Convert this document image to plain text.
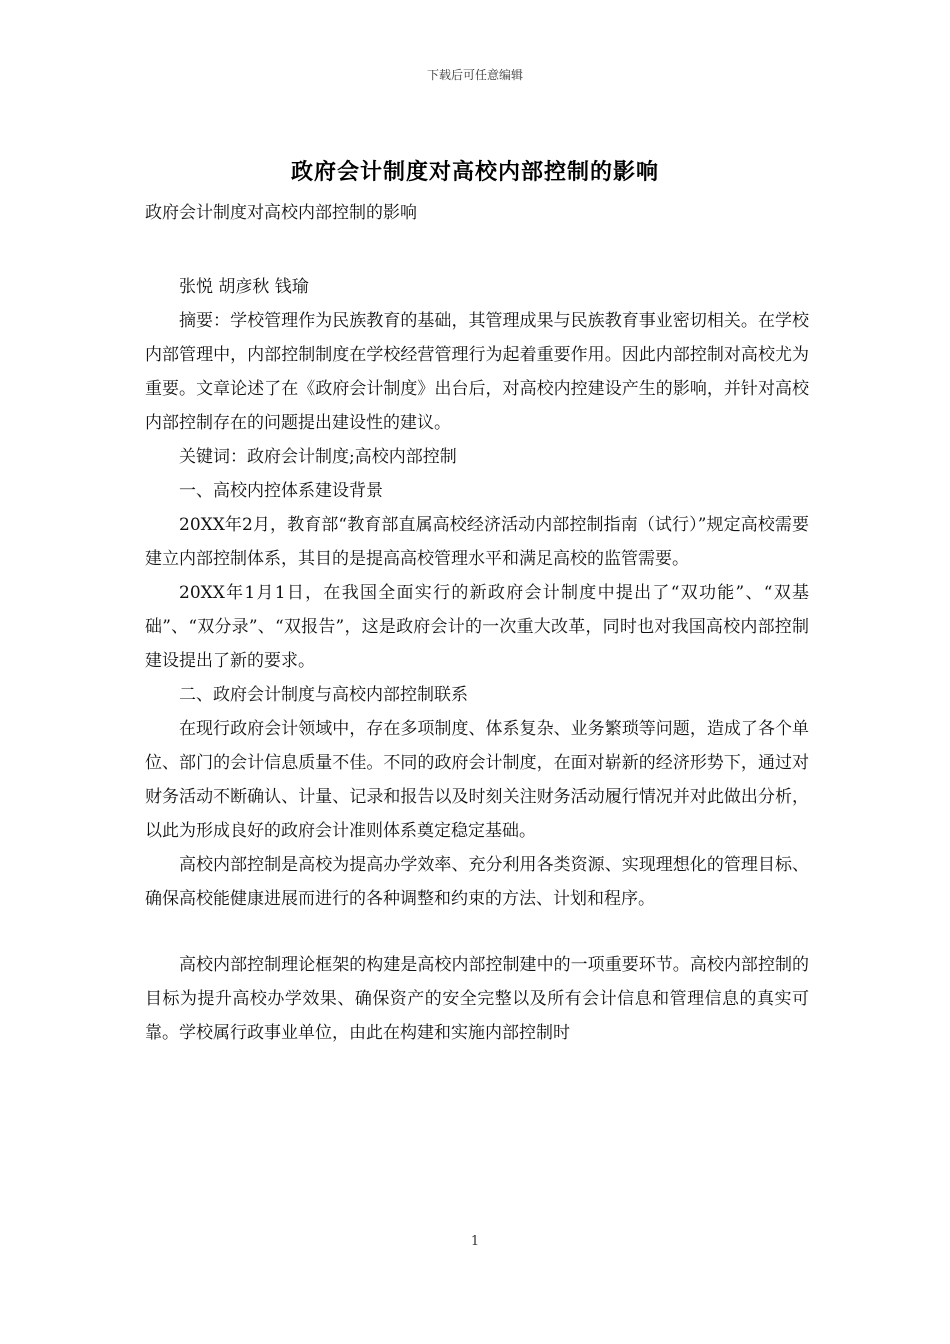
下载后可任意编辑
政府会计制度对高校内部控制的影响

政府会计制度对高校内部控制的影响

张悦 胡彦秋 钱瑜

摘要：学校管理作为民族教育的基础，其管理成果与民族教育事业密切相关。在学校内部管理中，内部控制制度在学校经营管理行为起着重要作用。因此内部控制对高校尤为重要。文章论述了在《政府会计制度》出台后，对高校内控建设产生的影响，并针对高校内部控制存在的问题提出建设性的建议。

关键词：政府会计制度;高校内部控制

一、高校内控体系建设背景

20XX年2月，教育部“教育部直属高校经济活动内部控制指南（试行）”规定高校需要建立内部控制体系，其目的是提高高校管理水平和满足高校的监管需要。

20XX年1月1日，在我国全面实行的新政府会计制度中提出了“双功能”、“双基础”、“双分录”、“双报告”，这是政府会计的一次重大改革，同时也对我国高校内部控制建设提出了新的要求。

二、政府会计制度与高校内部控制联系

在现行政府会计领域中，存在多项制度、体系复杂、业务繁琐等问题，造成了各个单位、部门的会计信息质量不佳。不同的政府会计制度，在面对崭新的经济形势下，通过对财务活动不断确认、计量、记录和报告以及时刻关注财务活动履行情况并对此做出分析，以此为形成良好的政府会计准则体系奠定稳定基础。

高校内部控制是高校为提高办学效率、充分利用各类资源、实现理想化的管理目标、确保高校能健康进展而进行的各种调整和约束的方法、计划和程序。

高校内部控制理论框架的构建是高校内部控制建中的一项重要环节。高校内部控制的目标为提升高校办学效果、确保资产的安全完整以及所有会计信息和管理信息的真实可靠。学校属行政事业单位，由此在构建和实施内部控制时

1
